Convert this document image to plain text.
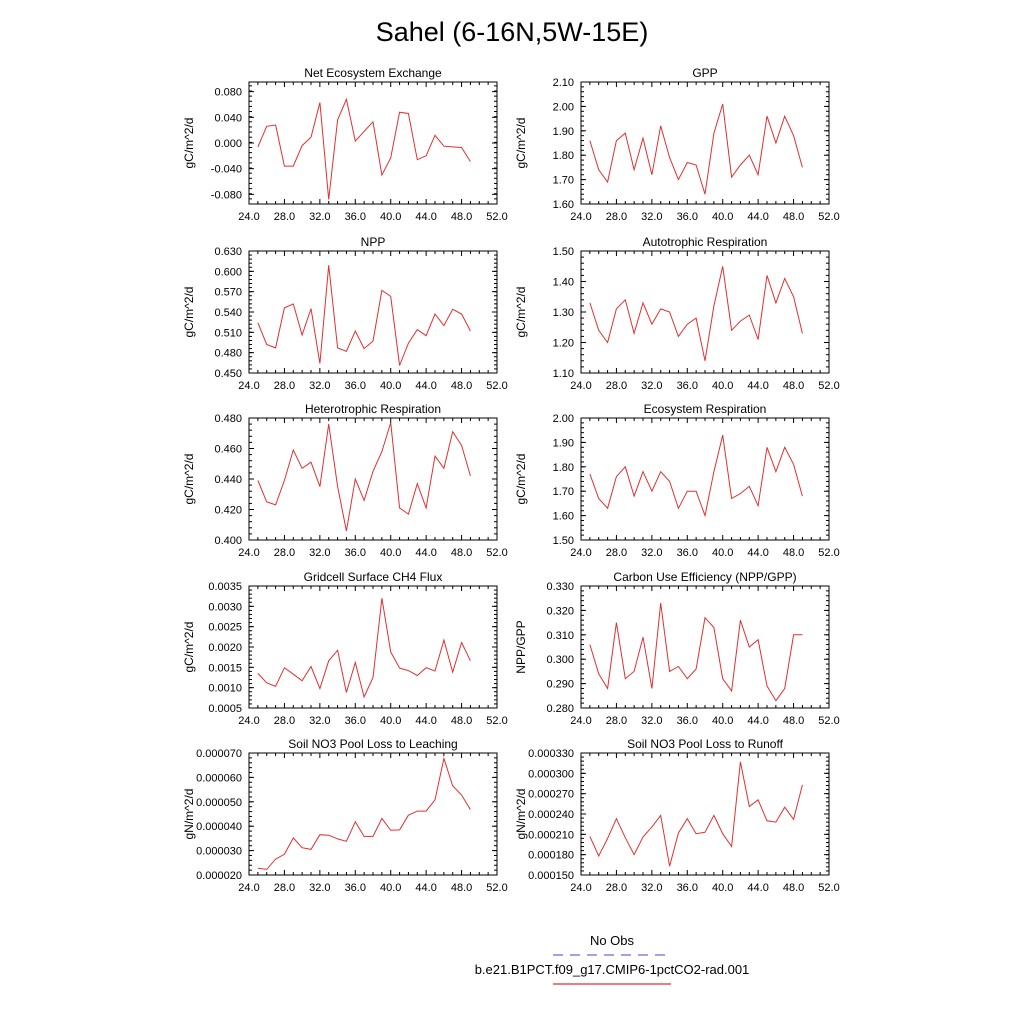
Sahel (6-16N,5W-15E)
Net Ecosystem Exchange
gC/m^2/d
24.0 28.0 32.0 36.0 40.0 44.0 48.0 52.0
-0.080
-0.040
0.000
0.040
0.080
GPP
gC/m^2/d
24.0 28.0 32.0 36.0 40.0 44.0 48.0 52.0
1.60
1.70
1.80
1.90
2.00
2.10
NPP
gC/m^2/d
24.0 28.0 32.0 36.0 40.0 44.0 48.0 52.0
0.450
0.480
0.510
0.540
0.570
0.600
0.630
Autotrophic Respiration
gC/m^2/d
24.0 28.0 32.0 36.0 40.0 44.0 48.0 52.0
1.10
1.20
1.30
1.40
1.50
Heterotrophic Respiration
gC/m^2/d
24.0 28.0 32.0 36.0 40.0 44.0 48.0 52.0
0.400
0.420
0.440
0.460
0.480
Ecosystem Respiration
gC/m^2/d
24.0 28.0 32.0 36.0 40.0 44.0 48.0 52.0
1.50
1.60
1.70
1.80
1.90
2.00
Gridcell Surface CH4 Flux
gC/m^2/d
24.0 28.0 32.0 36.0 40.0 44.0 48.0 52.0
0.0005
0.0010
0.0015
0.0020
0.0025
0.0030
0.0035
Carbon Use Efficiency (NPP/GPP)
NPP/GPP
24.0 28.0 32.0 36.0 40.0 44.0 48.0 52.0
0.280
0.290
0.300
0.310
0.320
0.330
Soil NO3 Pool Loss to Leaching
gN/m^2/d
24.0 28.0 32.0 36.0 40.0 44.0 48.0 52.0
0.000020
0.000030
0.000040
0.000050
0.000060
0.000070
Soil NO3 Pool Loss to Runoff
gN/m^2/d
24.0 28.0 32.0 36.0 40.0 44.0 48.0 52.0
0.000150
0.000180
0.000210
0.000240
0.000270
0.000300
0.000330
No Obs
b.e21.B1PCT.f09_g17.CMIP6-1pctCO2-rad.001
